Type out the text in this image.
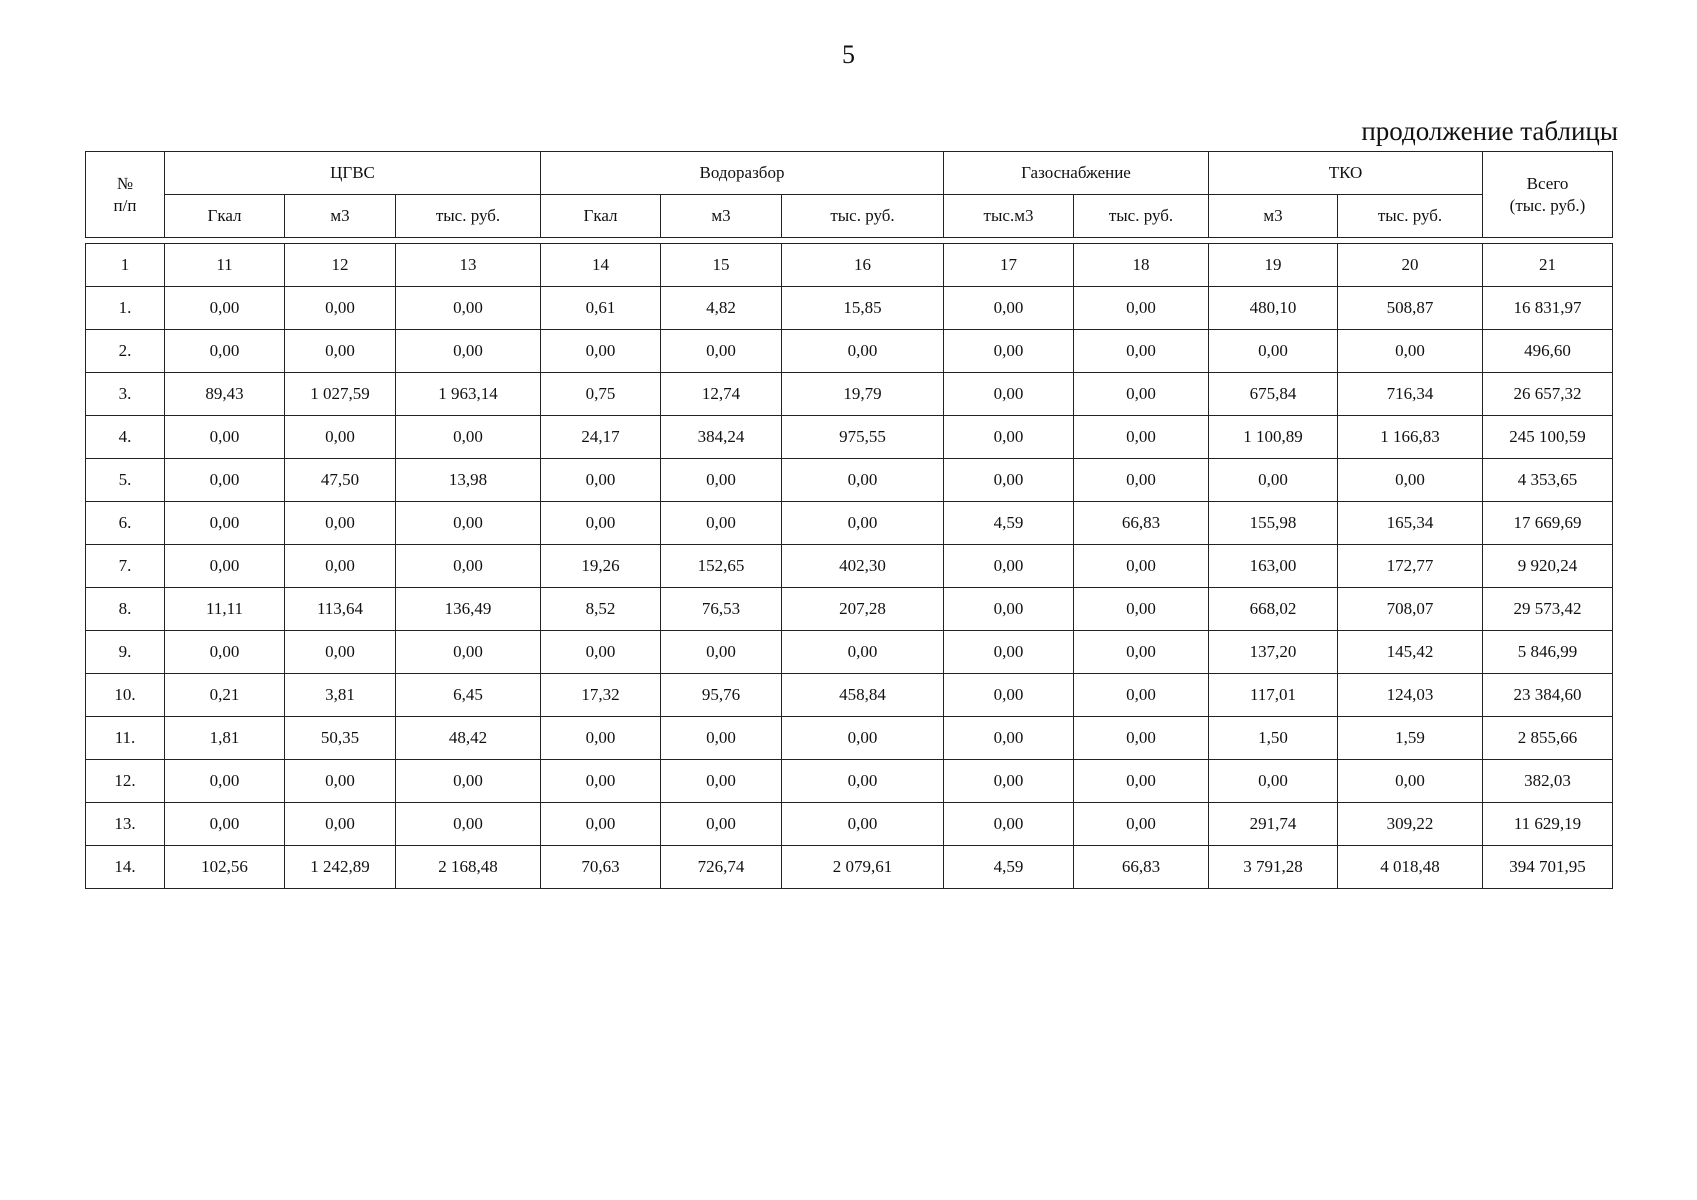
5
продолжение таблицы
№
п/п	ЦГВС			Водоразбор			Газоснабжение		ТКО		Всего
(тыс. руб.)
	Гкал	м3	тыс. руб.	Гкал	м3	тыс. руб.	тыс.м3	тыс. руб.	м3	тыс. руб.	
1	11	12	13	14	15	16	17	18	19	20	21
1.	0,00	0,00	0,00	0,61	4,82	15,85	0,00	0,00	480,10	508,87	16 831,97
2.	0,00	0,00	0,00	0,00	0,00	0,00	0,00	0,00	0,00	0,00	496,60
3.	89,43	1 027,59	1 963,14	0,75	12,74	19,79	0,00	0,00	675,84	716,34	26 657,32
4.	0,00	0,00	0,00	24,17	384,24	975,55	0,00	0,00	1 100,89	1 166,83	245 100,59
5.	0,00	47,50	13,98	0,00	0,00	0,00	0,00	0,00	0,00	0,00	4 353,65
6.	0,00	0,00	0,00	0,00	0,00	0,00	4,59	66,83	155,98	165,34	17 669,69
7.	0,00	0,00	0,00	19,26	152,65	402,30	0,00	0,00	163,00	172,77	9 920,24
8.	11,11	113,64	136,49	8,52	76,53	207,28	0,00	0,00	668,02	708,07	29 573,42
9.	0,00	0,00	0,00	0,00	0,00	0,00	0,00	0,00	137,20	145,42	5 846,99
10.	0,21	3,81	6,45	17,32	95,76	458,84	0,00	0,00	117,01	124,03	23 384,60
11.	1,81	50,35	48,42	0,00	0,00	0,00	0,00	0,00	1,50	1,59	2 855,66
12.	0,00	0,00	0,00	0,00	0,00	0,00	0,00	0,00	0,00	0,00	382,03
13.	0,00	0,00	0,00	0,00	0,00	0,00	0,00	0,00	291,74	309,22	11 629,19
14.	102,56	1 242,89	2 168,48	70,63	726,74	2 079,61	4,59	66,83	3 791,28	4 018,48	394 701,95
